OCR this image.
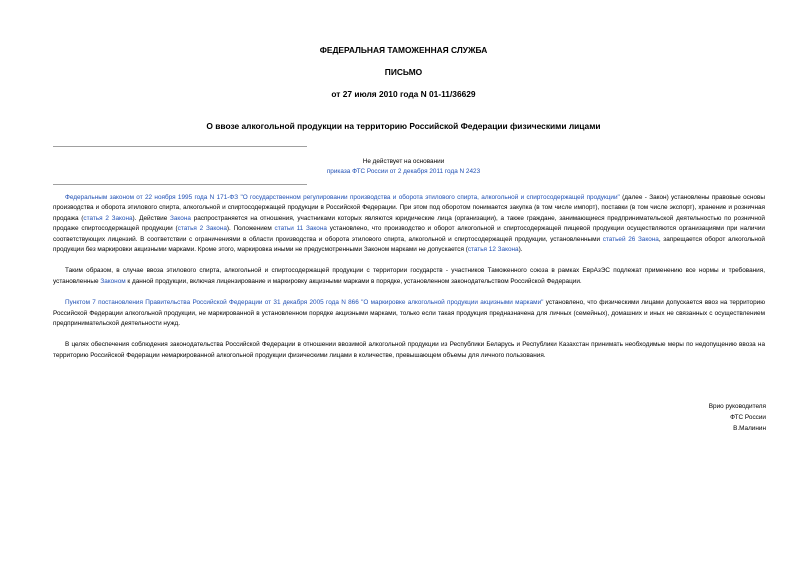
ФЕДЕРАЛЬНАЯ ТАМОЖЕННАЯ СЛУЖБА
ПИСЬМО
от 27 июля 2010 года N 01-11/36629
О ввозе алкогольной продукции на территорию Российской Федерации физическими лицами
Не действует на основании
приказа ФТС России от 2 декабря 2011 года N 2423

Федеральным законом от 22 ноября 1995 года N 171-ФЗ "О государственном регулировании производства и оборота этилового спирта, алкогольной и спиртосодержащей продукции" (далее - Закон) установлены правовые основы производства и оборота этилового спирта, алкогольной и спиртосодержащей продукции в Российской Федерации. При этом под оборотом понимается закупка (в том числе импорт), поставки (в том числе экспорт), хранение и розничная продажа (статья 2 Закона). Действие Закона распространяется на отношения, участниками которых являются юридические лица (организации), а также граждане, занимающиеся предпринимательской деятельностью по розничной продаже спиртосодержащей продукции (статья 2 Закона). Положением статьи 11 Закона установлено, что производство и оборот алкогольной и спиртосодержащей пищевой продукции осуществляются организациями при наличии соответствующих лицензий. В соответствии с ограничениями в области производства и оборота этилового спирта, алкогольной и спиртосодержащей продукции, установленными статьей 26 Закона, запрещается оборот алкогольной продукции без маркировки акцизными марками. Кроме этого, маркировка иными не предусмотренными Законом марками не допускается (статья 12 Закона).

Таким образом, в случае ввоза этилового спирта, алкогольной и спиртосодержащей продукции с территории государств - участников Таможенного союза в рамках ЕврАзЭС подлежат применению все нормы и требования, установленные Законом к данной продукции, включая лицензирование и маркировку акцизными марками в порядке, установленном законодательством Российской Федерации.

Пунктом 7 постановления Правительства Российской Федерации от 31 декабря 2005 года N 866 "О маркировке алкогольной продукции акцизными марками" установлено, что физическими лицами допускается ввоз на территорию Российской Федерации алкогольной продукции, не маркированной в установленном порядке акцизными марками, только если такая продукция предназначена для личных (семейных), домашних и иных не связанных с осуществлением предпринимательской деятельности нужд.

В целях обеспечения соблюдения законодательства Российской Федерации в отношении ввозимой алкогольной продукции из Республики Беларусь и Республики Казахстан принимать необходимые меры по недопущению ввоза на территорию Российской Федерации немаркированной алкогольной продукции физическими лицами в количестве, превышающем объемы для личного пользования.

Врио руководителя
ФТС России
В.Малинин
